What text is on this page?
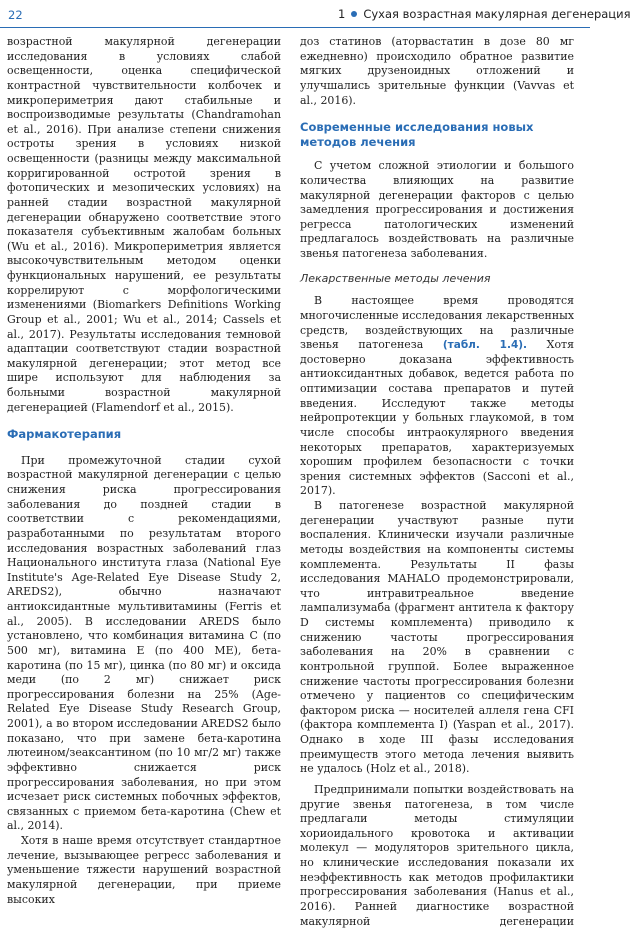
22	1 Сухая возрастная макулярная дегенерация

возрастной макулярной дегенерации исследования в условиях слабой освещенности, оценка специфической контрастной чувствительности колбочек и микропериметрия дают стабильные и воспроизводимые результаты (Chandramohan et al., 2016). При анализе степени снижения остроты зрения в условиях низкой освещенности (разницы между максимальной корригированной остротой зрения в фотопических и мезопических условиях) на ранней стадии возрастной макулярной дегенерации обнаружено соответствие этого показателя субъективным жалобам больных (Wu et al., 2016). Микропериметрия является высокочувствительным методом оценки функциональных нарушений, ее результаты коррелируют с морфологическими изменениями (Biomarkers Definitions Working Group et al., 2001; Wu et al., 2014; Cassels et al., 2017). Результаты исследования темновой адаптации соответствуют стадии возрастной макулярной дегенерации; этот метод все шире используют для наблюдения за больными возрастной макулярной дегенерацией (Flamendorf et al., 2015).

Фармакотерапия

При промежуточной стадии сухой возрастной макулярной дегенерации с целью снижения риска прогрессирования заболевания до поздней стадии в соответствии с рекомендациями, разработанными по результатам второго исследования возрастных заболеваний глаз Национального института глаза (National Eye Institute's Age-Related Eye Disease Study 2, AREDS2), обычно назначают антиоксидантные мультивитамины (Ferris et al., 2005). В исследовании AREDS было установлено, что комбинация витамина C (по 500 мг), витамина E (по 400 МЕ), бета-каротина (по 15 мг), цинка (по 80 мг) и оксида меди (по 2 мг) снижает риск прогрессирования болезни на 25% (Age-Related Eye Disease Study Research Group, 2001), а во втором исследовании AREDS2 было показано, что при замене бета-каротина лютеином/зеаксантином (по 10 мг/2 мг) также эффективно снижается риск прогрессирования заболевания, но при этом исчезает риск системных побочных эффектов, связанных с приемом бета-каротина (Chew et al., 2014).

Хотя в наше время отсутствует стандартное лечение, вызывающее регресс заболевания и уменьшение тяжести нарушений возрастной макулярной дегенерации, при приеме высоких

доз статинов (аторвастатин в дозе 80 мг ежедневно) происходило обратное развитие мягких друзеноидных отложений и улучшались зрительные функции (Vavvas et al., 2016).

Современные исследования новых методов лечения

С учетом сложной этиологии и большого количества влияющих на развитие макулярной дегенерации факторов с целью замедления прогрессирования и достижения регресса патологических изменений предлагалось воздействовать на различные звенья патогенеза заболевания.

Лекарственные методы лечения

В настоящее время проводятся многочисленные исследования лекарственных средств, воздействующих на различные звенья патогенеза (табл. 1.4). Хотя достоверно доказана эффективность антиоксидантных добавок, ведется работа по оптимизации состава препаратов и путей введения. Исследуют также методы нейропротекции у больных глаукомой, в том числе способы интраокулярного введения некоторых препаратов, характеризуемых хорошим профилем безопасности с точки зрения системных эффектов (Sacconi et al., 2017).

В патогенезе возрастной макулярной дегенерации участвуют разные пути воспаления. Клинически изучали различные методы воздействия на компоненты системы комплемента. Результаты II фазы исследования MAHALO продемонстрировали, что интравитреальное введение лампализумаба (фрагмент антитела к фактору D системы комплемента) приводило к снижению частоты прогрессирования заболевания на 20% в сравнении с контрольной группой. Более выраженное снижение частоты прогрессирования болезни отмечено у пациентов со специфическим фактором риска — носителей аллеля гена CFI (фактора комплемента I) (Yaspan et al., 2017). Однако в ходе III фазы исследования преимуществ этого метода лечения выявить не удалось (Holz et al., 2018).

Предпринимали попытки воздействовать на другие звенья патогенеза, в том числе предлагали методы стимуляции хориоидального кровотока и активации молекул — модуляторов зрительного цикла, но клинические исследования показали их неэффективность как методов профилактики прогрессирования заболевания (Hanus et al., 2016). Ранней диагностике возрастной макулярной дегенерации
